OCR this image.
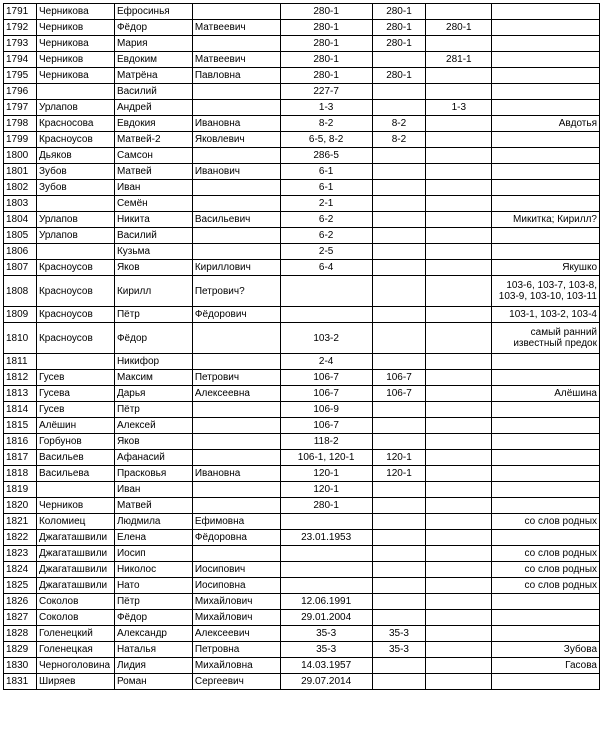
1791	Черникова	Ефросинья		280-1	280-1		
1792	Черников	Фёдор	Матвеевич	280-1	280-1	280-1	
1793	Черникова	Мария		280-1	280-1		
1794	Черников	Евдоким	Матвеевич	280-1		281-1	
1795	Черникова	Матрёна	Павловна	280-1	280-1		
1796		Василий		227-7			
1797	Урлапов	Андрей		1-3		1-3	
1798	Красносова	Евдокия	Ивановна	8-2	8-2		Авдотья
1799	Красноусов	Матвей-2	Яковлевич	6-5, 8-2	8-2		
1800	Дьяков	Самсон		286-5			
1801	Зубов	Матвей	Иванович	6-1			
1802	Зубов	Иван		6-1			
1803		Семён		2-1			
1804	Урлапов	Никита	Васильевич	6-2			Микитка; Кирилл?
1805	Урлапов	Василий		6-2			
1806		Кузьма		2-5			
1807	Красноусов	Яков	Кириллович	6-4			Якушко
1808	Красноусов	Кирилл	Петрович?				103-6, 103-7, 103-8, 103-9, 103-10, 103-11
1809	Красноусов	Пётр	Фёдорович				103-1, 103-2, 103-4
1810	Красноусов	Фёдор		103-2			самый ранний известный предок
1811		Никифор		2-4			
1812	Гусев	Максим	Петрович	106-7	106-7		
1813	Гусева	Дарья	Алексеевна	106-7	106-7		Алёшина
1814	Гусев	Пётр		106-9			
1815	Алёшин	Алексей		106-7			
1816	Горбунов	Яков		118-2			
1817	Васильев	Афанасий		106-1, 120-1	120-1		
1818	Васильева	Прасковья	Ивановна	120-1	120-1		
1819		Иван		120-1			
1820	Черников	Матвей		280-1			
1821	Коломиец	Людмила	Ефимовна				со слов родных
1822	Джагаташвили	Елена	Фёдоровна	23.01.1953			
1823	Джагаташвили	Иосип					со слов родных
1824	Джагаташвили	Николос	Иосипович				со слов родных
1825	Джагаташвили	Нато	Иосиповна				со слов родных
1826	Соколов	Пётр	Михайлович	12.06.1991			
1827	Соколов	Фёдор	Михайлович	29.01.2004			
1828	Голенецкий	Александр	Алексеевич	35-3	35-3		
1829	Голенецкая	Наталья	Петровна	35-3	35-3		Зубова
1830	Черноголовина	Лидия	Михайловна	14.03.1957			Гасова
1831	Ширяев	Роман	Сергеевич	29.07.2014			
